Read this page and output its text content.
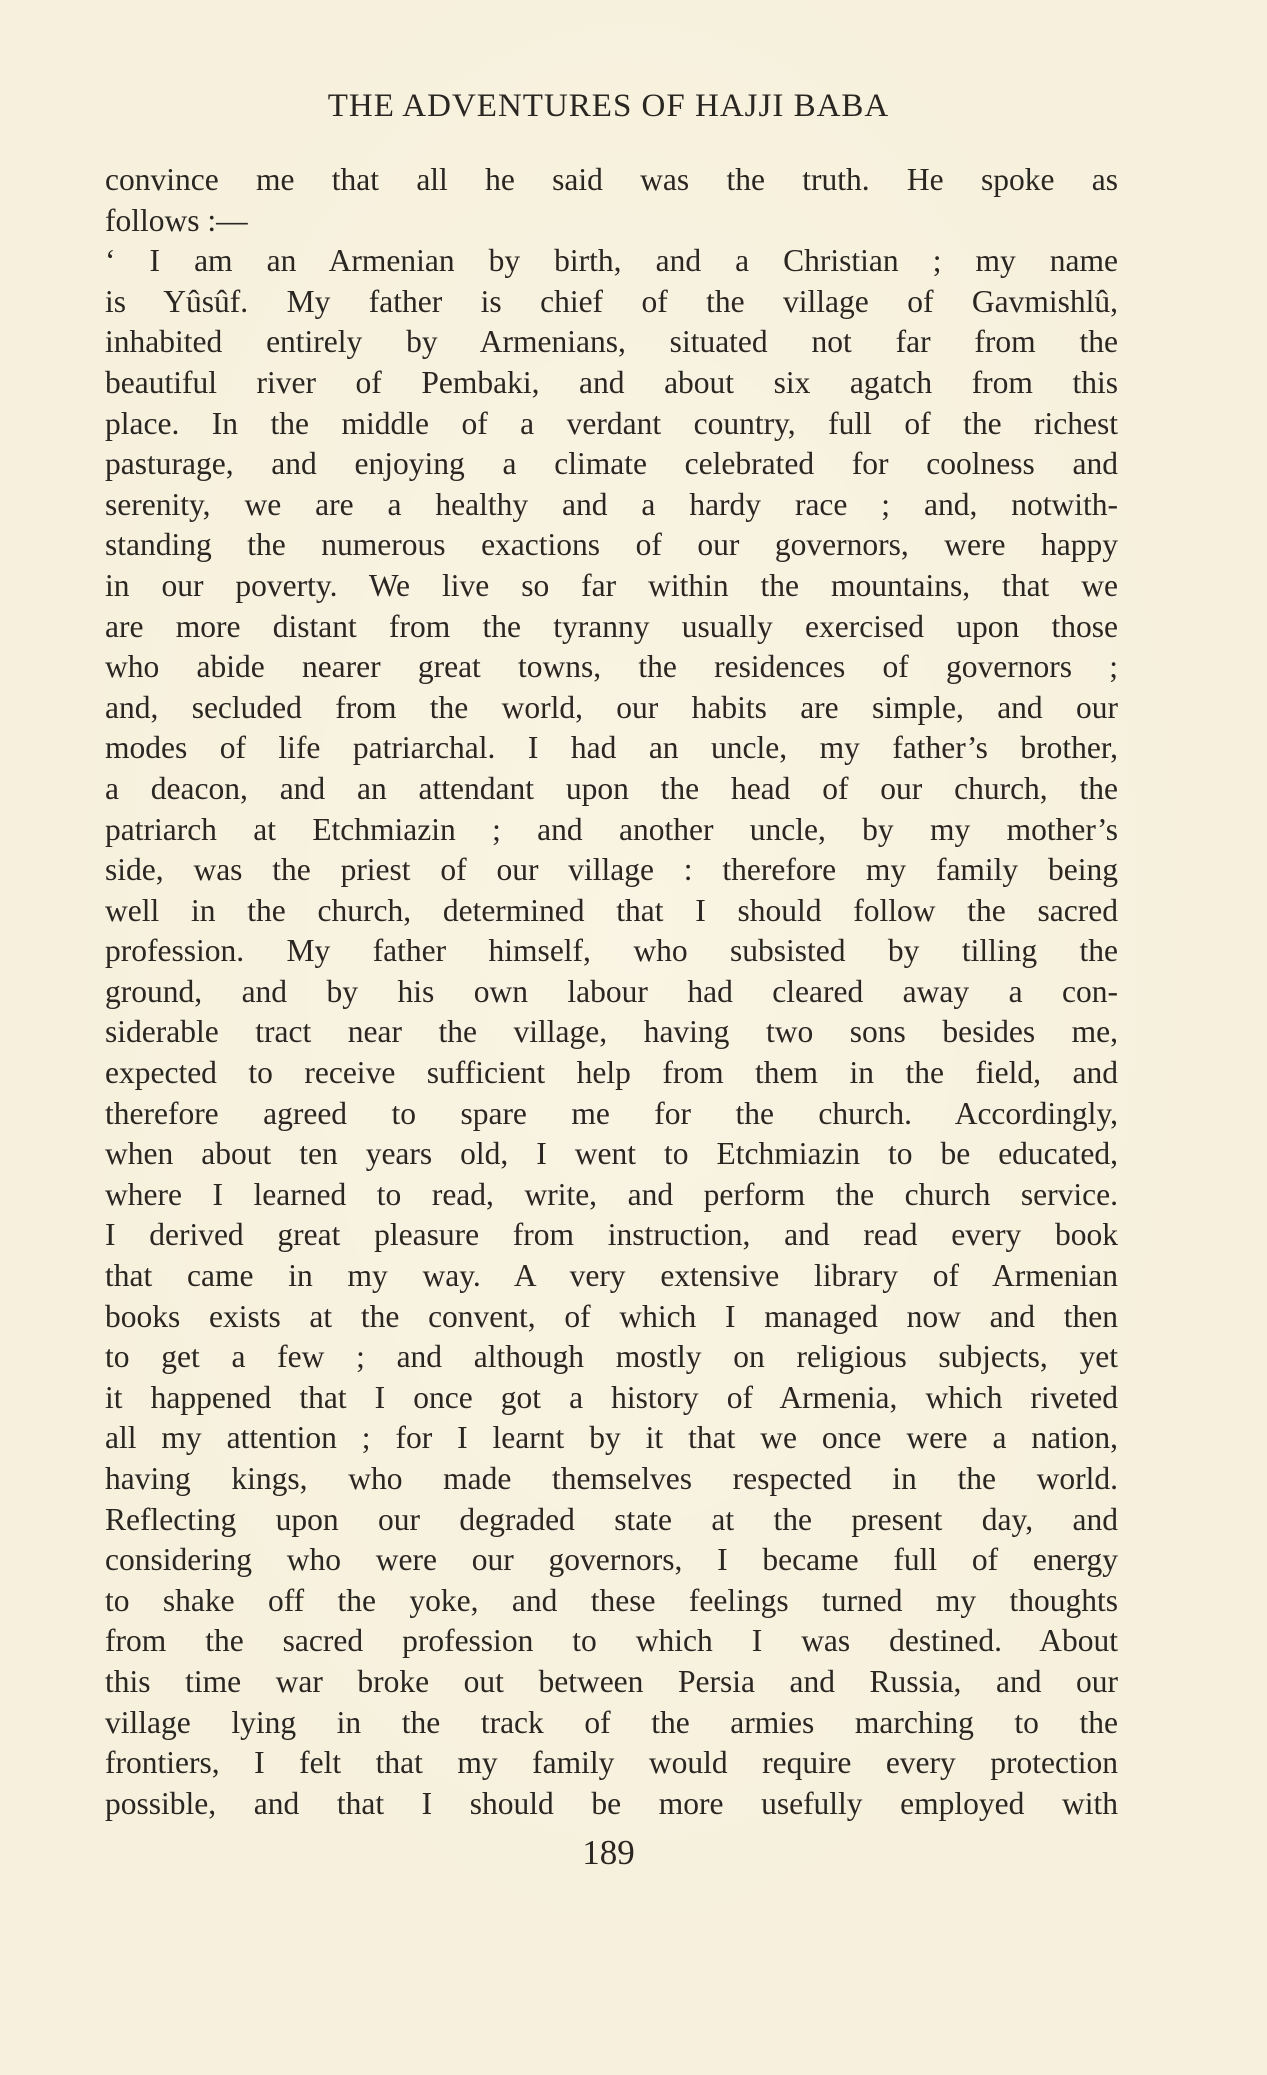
THE ADVENTURES OF HAJJI BABA
convince me that all he said was the truth. He spoke as
follows :—
‘ I am an Armenian by birth, and a Christian ; my name
is Yûsûf. My father is chief of the village of Gavmishlû,
inhabited entirely by Armenians, situated not far from the
beautiful river of Pembaki, and about six agatch from this
place. In the middle of a verdant country, full of the richest
pasturage, and enjoying a climate celebrated for coolness and
serenity, we are a healthy and a hardy race ; and, notwith-
standing the numerous exactions of our governors, were happy
in our poverty. We live so far within the mountains, that we
are more distant from the tyranny usually exercised upon those
who abide nearer great towns, the residences of governors ;
and, secluded from the world, our habits are simple, and our
modes of life patriarchal. I had an uncle, my father’s brother,
a deacon, and an attendant upon the head of our church, the
patriarch at Etchmiazin ; and another uncle, by my mother’s
side, was the priest of our village : therefore my family being
well in the church, determined that I should follow the sacred
profession. My father himself, who subsisted by tilling the
ground, and by his own labour had cleared away a con-
siderable tract near the village, having two sons besides me,
expected to receive sufficient help from them in the field, and
therefore agreed to spare me for the church. Accordingly,
when about ten years old, I went to Etchmiazin to be educated,
where I learned to read, write, and perform the church service.
I derived great pleasure from instruction, and read every book
that came in my way. A very extensive library of Armenian
books exists at the convent, of which I managed now and then
to get a few ; and although mostly on religious subjects, yet
it happened that I once got a history of Armenia, which riveted
all my attention ; for I learnt by it that we once were a nation,
having kings, who made themselves respected in the world.
Reflecting upon our degraded state at the present day, and
considering who were our governors, I became full of energy
to shake off the yoke, and these feelings turned my thoughts
from the sacred profession to which I was destined. About
this time war broke out between Persia and Russia, and our
village lying in the track of the armies marching to the
frontiers, I felt that my family would require every protection
possible, and that I should be more usefully employed with
189
